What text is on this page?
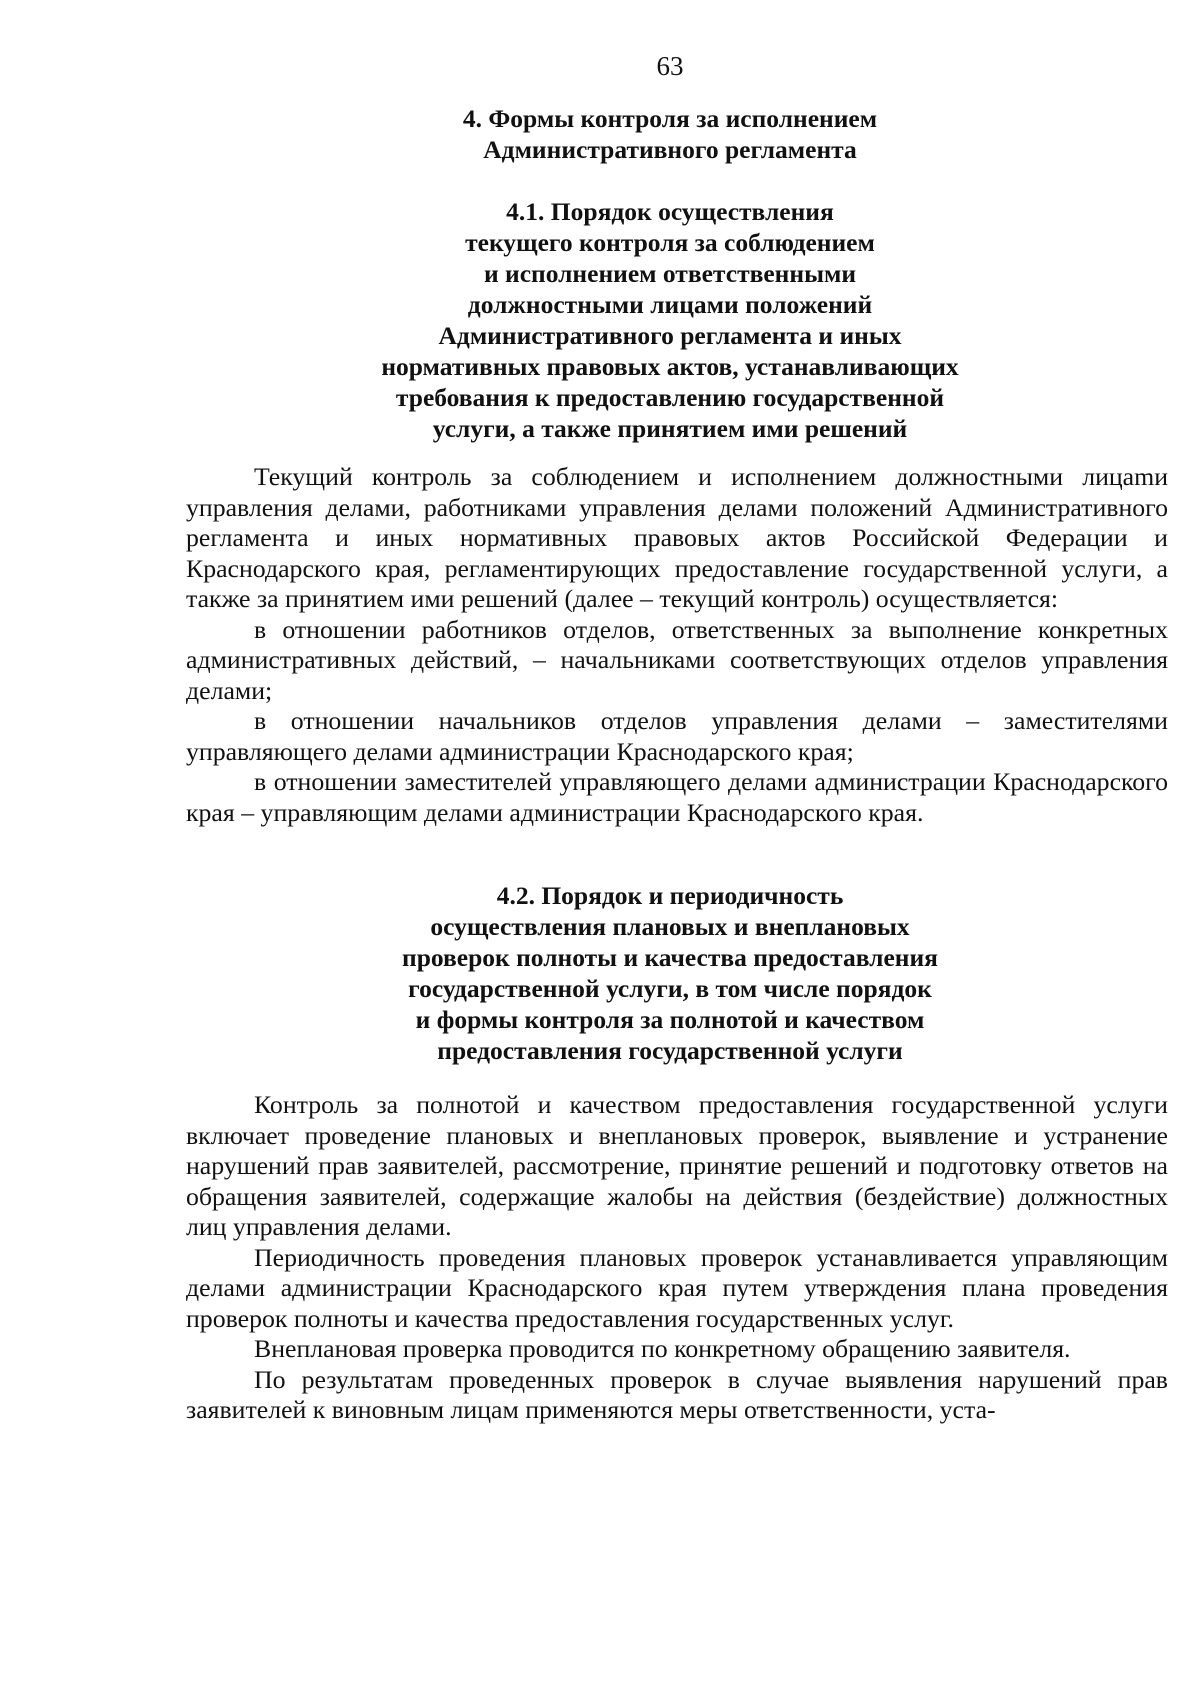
63
4. Формы контроля за исполнением
Административного регламента
4.1. Порядок осуществления
текущего контроля за соблюдением
и исполнением ответственными
должностными лицами положений
Административного регламента и иных
нормативных правовых актов, устанавливающих
требования к предоставлению государственной
услуги, а также принятием ими решений

Текущий контроль за соблюдением и исполнением должностными лицаmи управления делами, работниками управления делами положений Административного регламента и иных нормативных правовых актов Российской Федерации и Краснодарского края, регламентирующих предоставление государственной услуги, а также за принятием ими решений (далее – текущий контроль) осуществляется:

в отношении работников отделов, ответственных за выполнение конкретных административных действий, – начальниками соответствующих отделов управления делами;

в отношении начальников отделов управления делами – заместителями управляющего делами администрации Краснодарского края;

в отношении заместителей управляющего делами администрации Краснодарского края – управляющим делами администрации Краснодарского края.

4.2. Порядок и периодичность
осуществления плановых и внеплановых
проверок полноты и качества предоставления
государственной услуги, в том числе порядок
и формы контроля за полнотой и качеством
предоставления государственной услуги

Контроль за полнотой и качеством предоставления государственной услуги включает проведение плановых и внеплановых проверок, выявление и устранение нарушений прав заявителей, рассмотрение, принятие решений и подготовку ответов на обращения заявителей, содержащие жалобы на действия (бездействие) должностных лиц управления делами.

Периодичность проведения плановых проверок устанавливается управляющим делами администрации Краснодарского края путем утверждения плана проведения проверок полноты и качества предоставления государственных услуг.

Внеплановая проверка проводится по конкретному обращению заявителя.

По результатам проведенных проверок в случае выявления нарушений прав заявителей к виновным лицам применяются меры ответственности, уста-
